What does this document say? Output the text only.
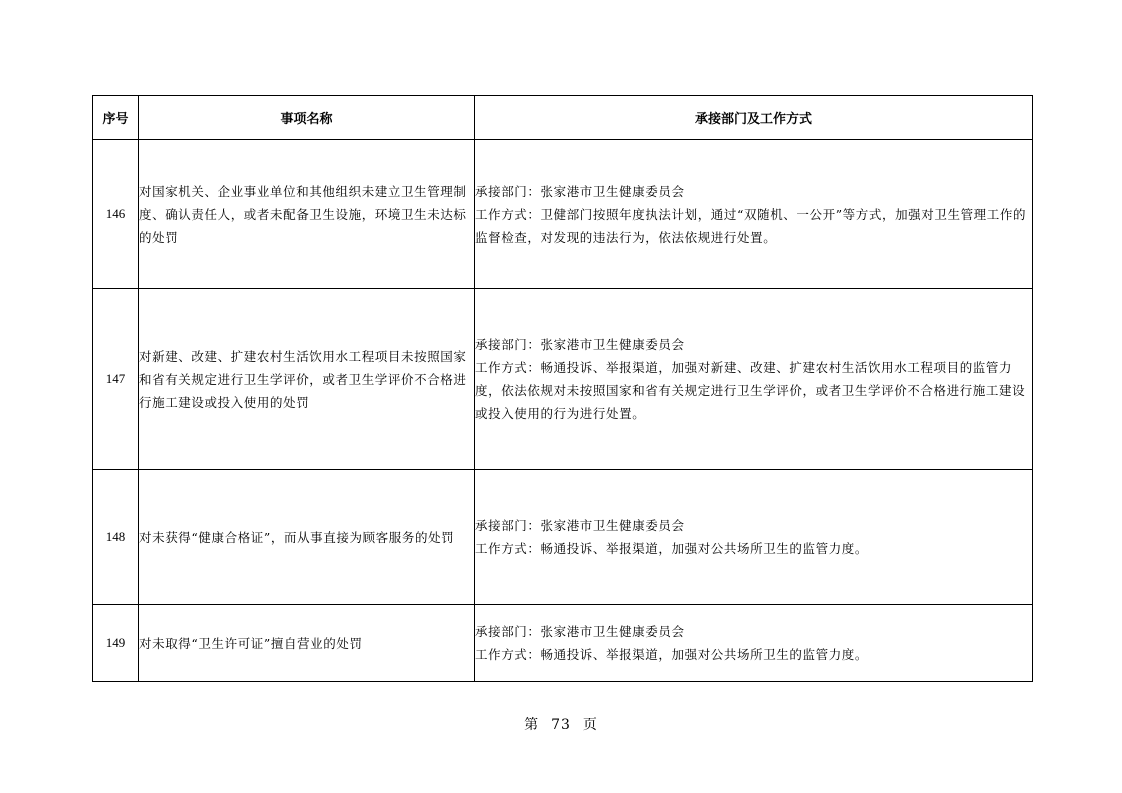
序号	事项名称	承接部门及工作方式
146	对国家机关、企业事业单位和其他组织未建立卫生管理制度、确认责任人，或者未配备卫生设施，环境卫生未达标的处罚	承接部门：张家港市卫生健康委员会
工作方式：卫健部门按照年度执法计划，通过“双随机、一公开”等方式，加强对卫生管理工作的监督检查，对发现的违法行为，依法依规进行处置。

147	对新建、改建、扩建农村生活饮用水工程项目未按照国家和省有关规定进行卫生学评价，或者卫生学评价不合格进行施工建设或投入使用的处罚	承接部门：张家港市卫生健康委员会
工作方式：畅通投诉、举报渠道，加强对新建、改建、扩建农村生活饮用水工程项目的监管力度，依法依规对未按照国家和省有关规定进行卫生学评价，或者卫生学评价不合格进行施工建设或投入使用的行为进行处置。

148	对未获得“健康合格证”，而从事直接为顾客服务的处罚	承接部门：张家港市卫生健康委员会
工作方式：畅通投诉、举报渠道，加强对公共场所卫生的监管力度。

149	对未取得“卫生许可证”擅自营业的处罚	承接部门：张家港市卫生健康委员会
工作方式：畅通投诉、举报渠道，加强对公共场所卫生的监管力度。
第 73 页
